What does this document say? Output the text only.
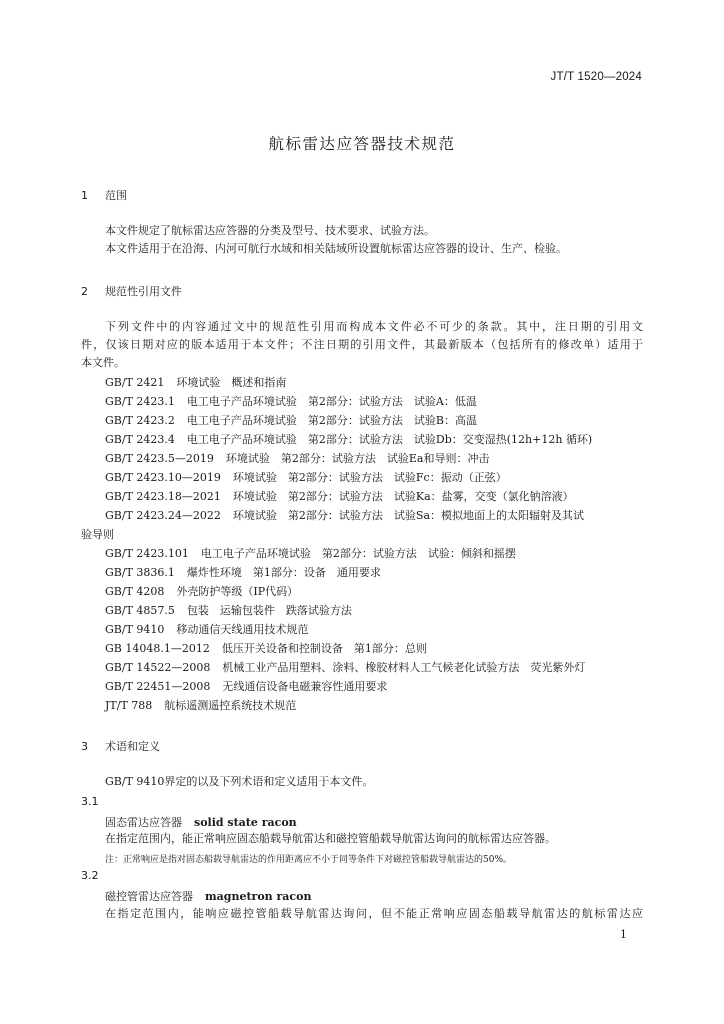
JT/T 1520—2024
航标雷达应答器技术规范
1 范围
本文件规定了航标雷达应答器的分类及型号、技术要求、试验方法。
本文件适用于在沿海、内河可航行水域和相关陆域所设置航标雷达应答器的设计、生产、检验。
2 规范性引用文件
下列文件中的内容通过文中的规范性引用而构成本文件必不可少的条款。其中，注日期的引用文
件，仅该日期对应的版本适用于本文件；不注日期的引用文件，其最新版本（包括所有的修改单）适用于
本文件。
GB/T 2421 环境试验　概述和指南
GB/T 2423.1 电工电子产品环境试验　第2部分：试验方法　试验A：低温
GB/T 2423.2 电工电子产品环境试验　第2部分：试验方法　试验B：高温
GB/T 2423.4 电工电子产品环境试验　第2部分：试验方法　试验Db：交变湿热(12h+12h 循环)
GB/T 2423.5—2019 环境试验　第2部分：试验方法　试验Ea和导则：冲击
GB/T 2423.10—2019 环境试验　第2部分：试验方法　试验Fc：振动（正弦）
GB/T 2423.18—2021 环境试验　第2部分：试验方法　试验Ka：盐雾，交变（氯化钠溶液）
GB/T 2423.24—2022 环境试验　第2部分：试验方法　试验Sa：模拟地面上的太阳辐射及其试
验导则
GB/T 2423.101 电工电子产品环境试验　第2部分：试验方法　试验：倾斜和摇摆
GB/T 3836.1 爆炸性环境　第1部分：设备　通用要求
GB/T 4208 外壳防护等级（IP代码）
GB/T 4857.5 包装　运输包装件　跌落试验方法
GB/T 9410 移动通信天线通用技术规范
GB 14048.1—2012 低压开关设备和控制设备　第1部分：总则
GB/T 14522—2008 机械工业产品用塑料、涂料、橡胶材料人工气候老化试验方法　荧光紫外灯
GB/T 22451—2008 无线通信设备电磁兼容性通用要求
JT/T 788 航标遥测遥控系统技术规范
3 术语和定义
GB/T 9410界定的以及下列术语和定义适用于本文件。
3.1
固态雷达应答器 solid state racon
在指定范围内，能正常响应固态船载导航雷达和磁控管船载导航雷达询问的航标雷达应答器。
注：正常响应是指对固态船载导航雷达的作用距离应不小于同等条件下对磁控管船载导航雷达的50%。
3.2
磁控管雷达应答器 magnetron racon
在指定范围内，能响应磁控管船载导航雷达询问，但不能正常响应固态船载导航雷达的航标雷达应
1
